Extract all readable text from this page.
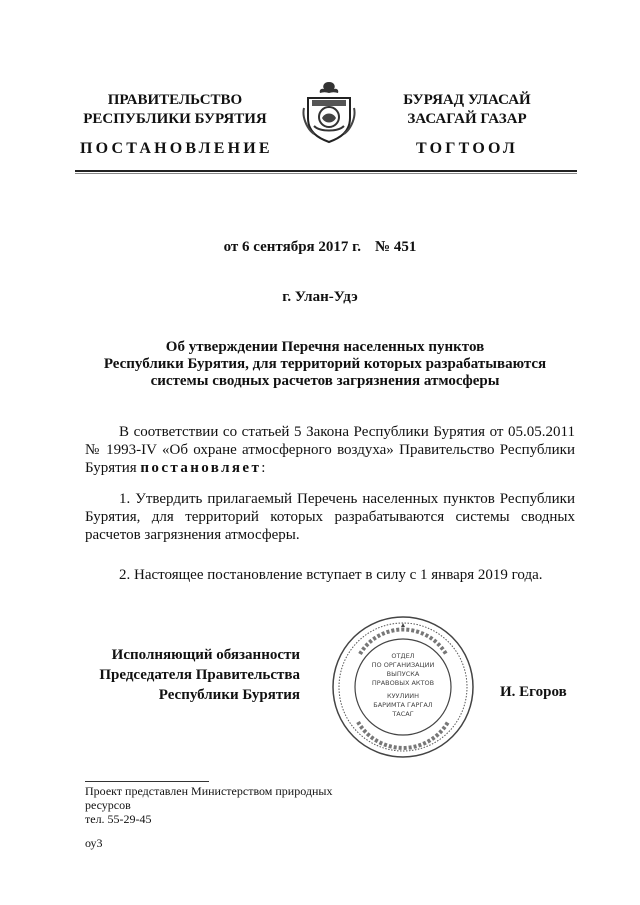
ПРАВИТЕЛЬСТВО
РЕСПУБЛИКИ БУРЯТИЯ
БУРЯАД УЛАСАЙ
ЗАСАГАЙ ГАЗАР
ПОСТАНОВЛЕНИЕ	ТОГТООЛ
от 6 сентября 2017 г. № 451
г. Улан-Удэ
Об утверждении Перечня населенных пунктов
Республики Бурятия, для территорий которых разрабатываются
системы сводных расчетов загрязнения атмосферы
В соответствии со статьей 5 Закона Республики Бурятия от 05.05.2011 № 1993-IV «Об охране атмосферного воздуха» Правительство Республики Бурятия постановляет:
1. Утвердить прилагаемый Перечень населенных пунктов Республики Бурятия, для территорий которых разрабатываются системы сводных расчетов загрязнения атмосферы.
2. Настоящее постановление вступает в силу с 1 января 2019 года.
Исполняющий обязанности
Председателя Правительства
Республики Бурятия
ОТДЕЛ
ПО ОРГАНИЗАЦИИ
ВЫПУСКА
ПРАВОВЫХ АКТОВ
КУУЛИИН
БАРИМТА ГАРГАЛ
ТАСАГ
И. Егоров
Проект представлен Министерством природных
ресурсов
тел. 55-29-45
оу3
